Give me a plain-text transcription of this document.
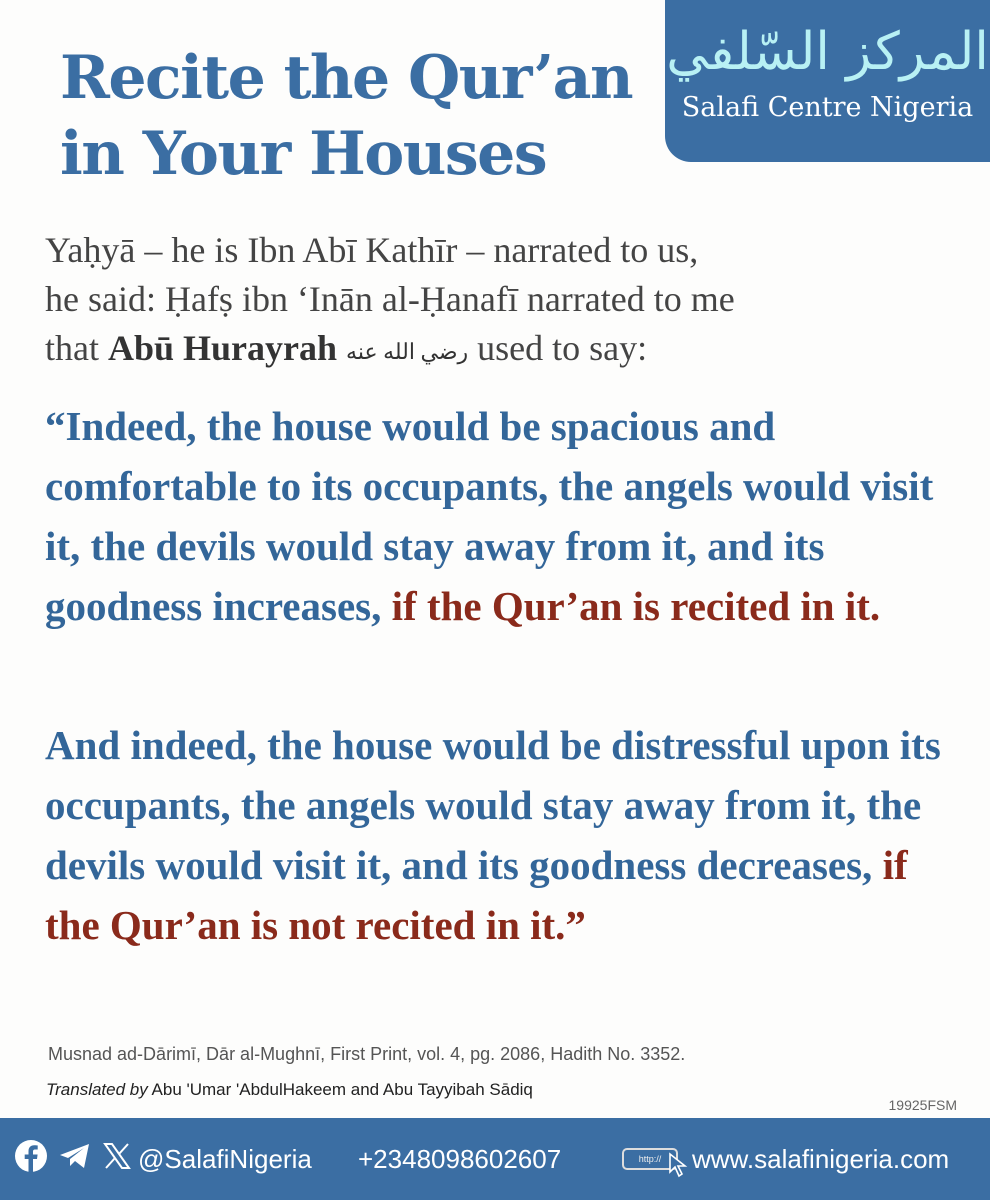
Recite the Qur’an
in Your Houses
المركز السّلفي
Salafi Centre Nigeria
Yaḥyā – he is Ibn Abī Kathīr – narrated to us,
he said: Ḥafṣ ibn ‘Inān al-Ḥanafī narrated to me
that Abū Hurayrah رضي الله عنه used to say:
“Indeed, the house would be spacious and comfortable to its occupants, the angels would visit it, the devils would stay away from it, and its goodness increases, if the Qur’an is recited in it.
And indeed, the house would be distressful upon its occupants, the angels would stay away from it, the devils would visit it, and its goodness decreases, if the Qur’an is not recited in it.”
Musnad ad-Dārimī, Dār al-Mughnī, First Print, vol. 4, pg. 2086, Hadith No. 3352.
Translated by Abu 'Umar 'AbdulHakeem and Abu Tayyibah Sādiq
19925FSM
@SalafiNigeria +2348098602607	http://	www.salafinigeria.com
